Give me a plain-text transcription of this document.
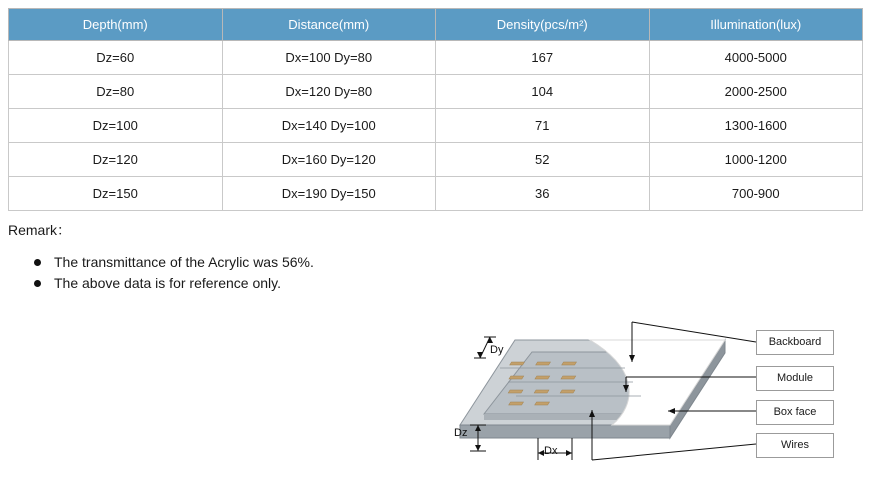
Depth(mm)	Distance(mm)	Density(pcs/m²)	Illumination(lux)
Dz=60	Dx=100 Dy=80	167	4000-5000
Dz=80	Dx=120 Dy=80	104	2000-2500
Dz=100	Dx=140 Dy=100	71	1300-1600
Dz=120	Dx=160 Dy=120	52	1000-1200
Dz=150	Dx=190 Dy=150	36	700-900
Remark：
The transmittance of the Acrylic was 56%.
The above data is for reference only.
Backboard
Module
Box face
Wires
Dy
Dz
Dx
